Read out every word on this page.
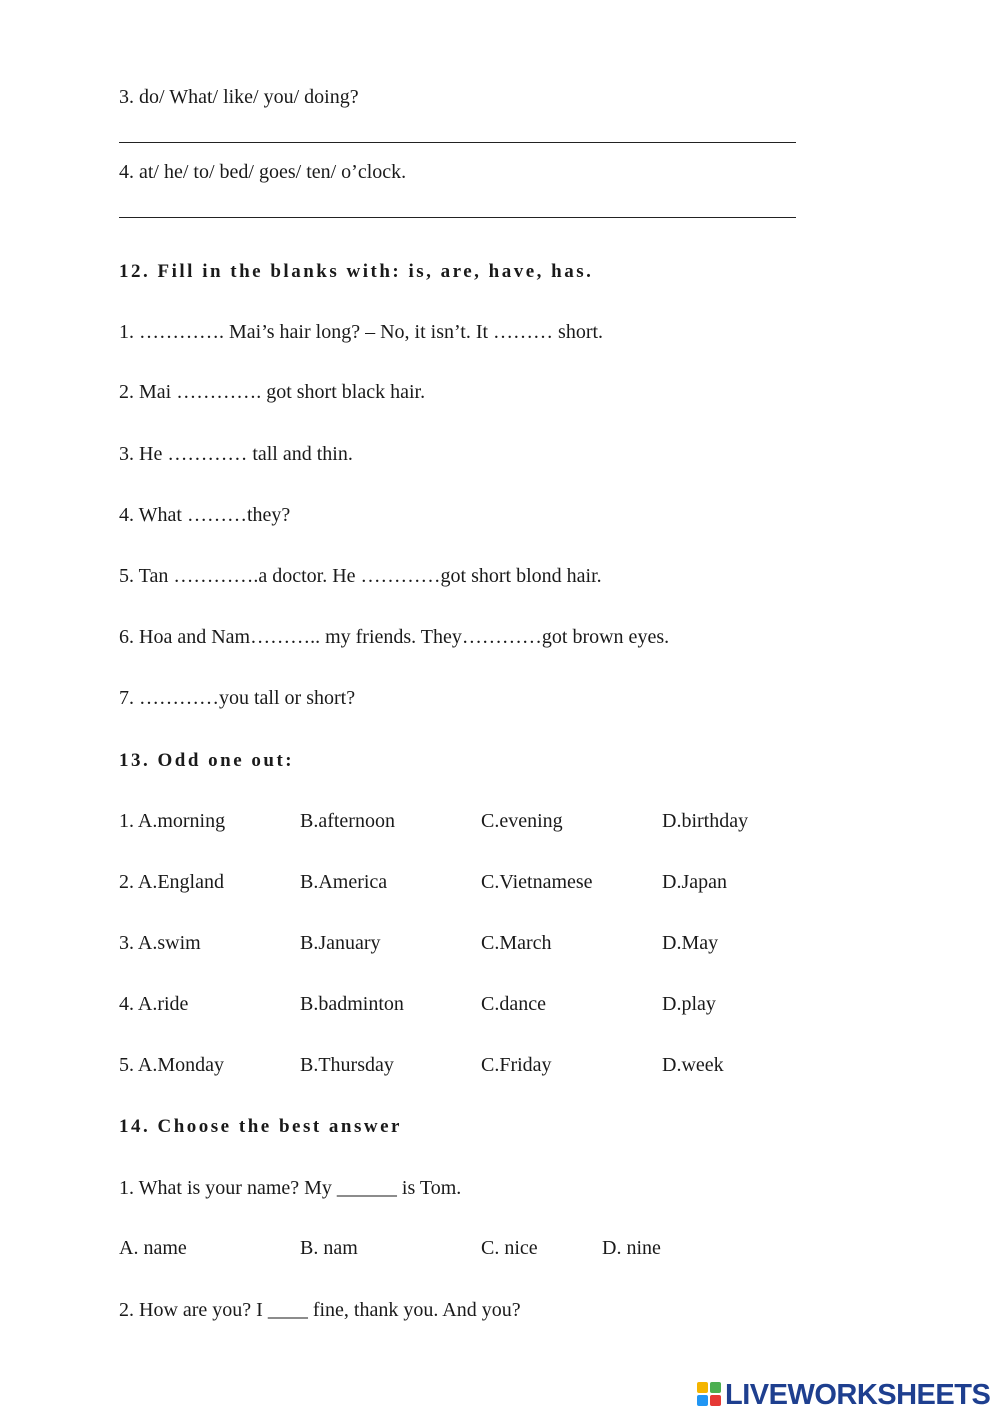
3. do/ What/ like/ you/ doing?
4. at/ he/ to/ bed/ goes/ ten/ o’clock.
12. Fill in the blanks with: is, are, have, has.
1. …………. Mai’s hair long? – No, it isn’t. It ……… short.
2. Mai …………. got short black hair.
3. He ………… tall and thin.
4. What ………they?
5. Tan ………….a doctor. He …………got short blond hair.
6. Hoa and Nam……….. my friends. They…………got brown eyes.
7. …………you tall or short?
13. Odd one out:
1. A.morning	B.afternoon	C.evening	D.birthday
2. A.England	B.America	C.Vietnamese	D.Japan
3. A.swim	B.January	C.March	D.May
4. A.ride	B.badminton	C.dance	D.play
5. A.Monday	B.Thursday	C.Friday	D.week
14. Choose the best answer
1. What is your name? My ______ is Tom.
A. name	B. nam	C. nice	D. nine
2. How are you? I ____ fine, thank you. And you?
LIVEWORKSHEETS
